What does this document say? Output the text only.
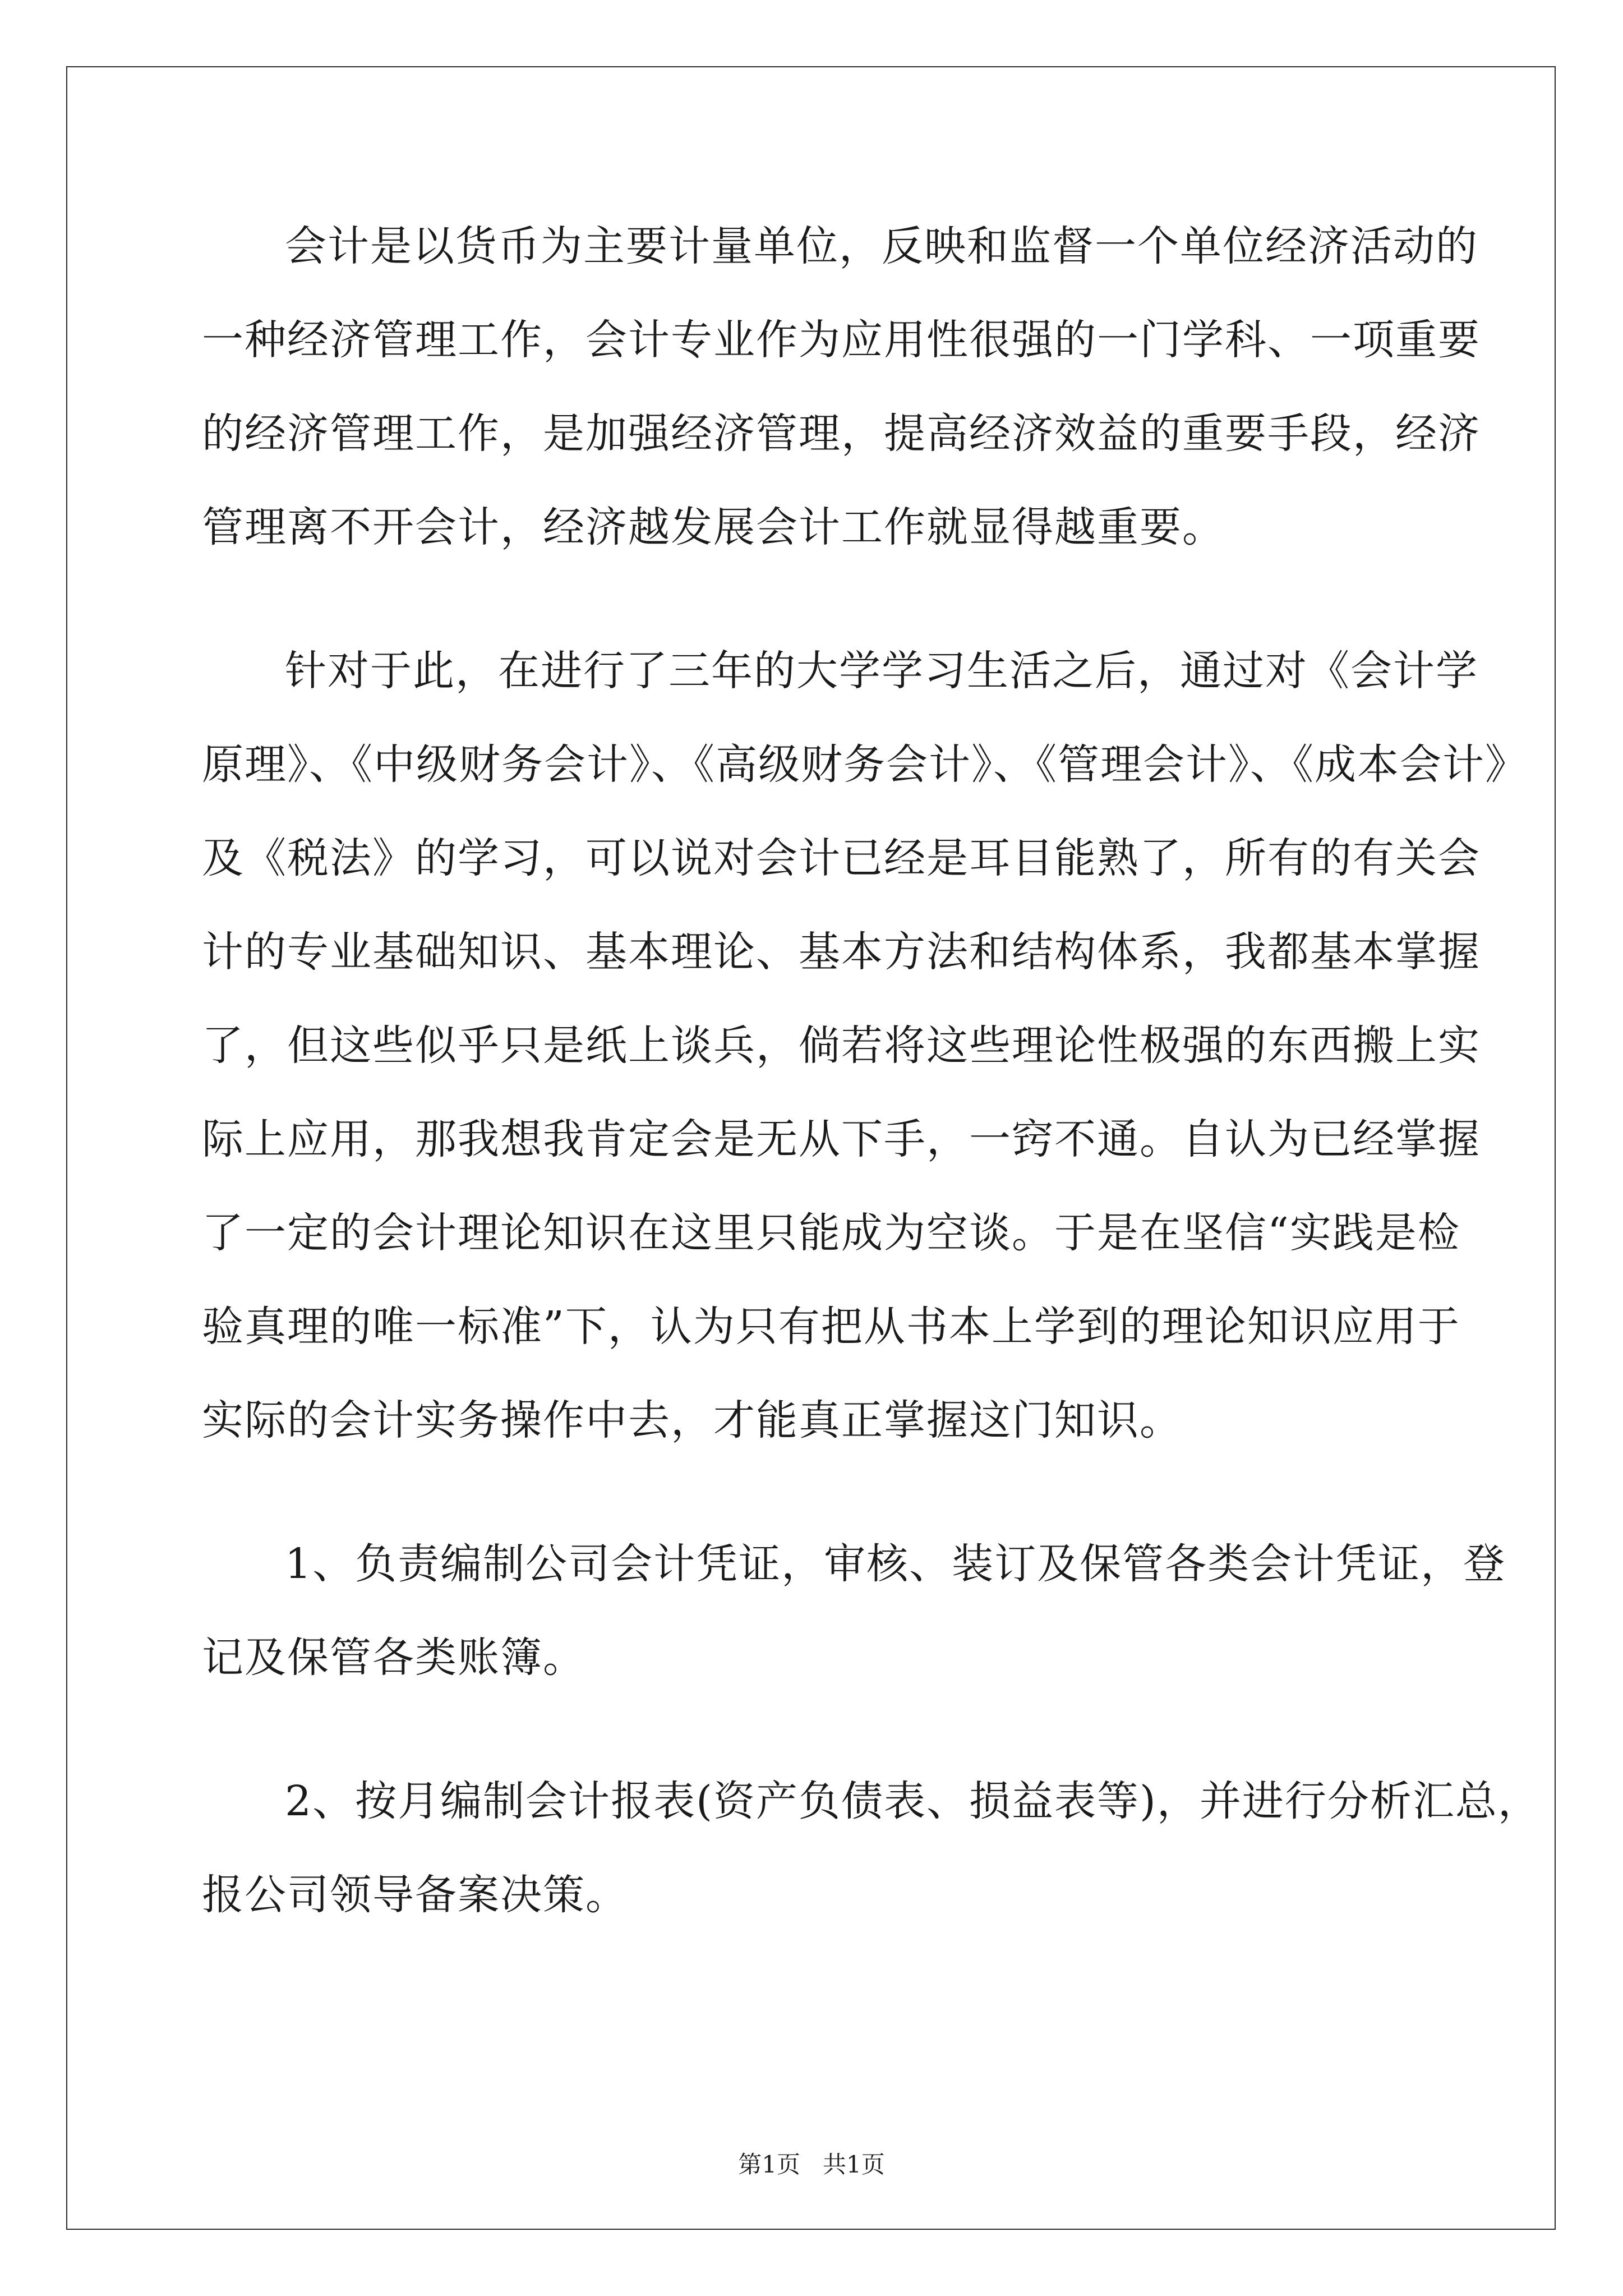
会计是以货币为主要计量单位，反映和监督一个单位经济活动的

一种经济管理工作，会计专业作为应用性很强的一门学科、一项重要

的经济管理工作，是加强经济管理，提高经济效益的重要手段，经济

管理离不开会计，经济越发展会计工作就显得越重要。

针对于此，在进行了三年的大学学习生活之后，通过对《会计学

原理》、《中级财务会计》、《高级财务会计》、《管理会计》、《成本会计》

及《税法》的学习，可以说对会计已经是耳目能熟了，所有的有关会

计的专业基础知识、基本理论、基本方法和结构体系，我都基本掌握

了，但这些似乎只是纸上谈兵，倘若将这些理论性极强的东西搬上实

际上应用，那我想我肯定会是无从下手，一窍不通。自认为已经掌握

了一定的会计理论知识在这里只能成为空谈。于是在坚信“实践是检

验真理的唯一标准”下，认为只有把从书本上学到的理论知识应用于

实际的会计实务操作中去，才能真正掌握这门知识。

1、负责编制公司会计凭证，审核、装订及保管各类会计凭证，登

记及保管各类账簿。

2、按月编制会计报表(资产负债表、损益表等)，并进行分析汇总，

报公司领导备案决策。

第1页   共1页
